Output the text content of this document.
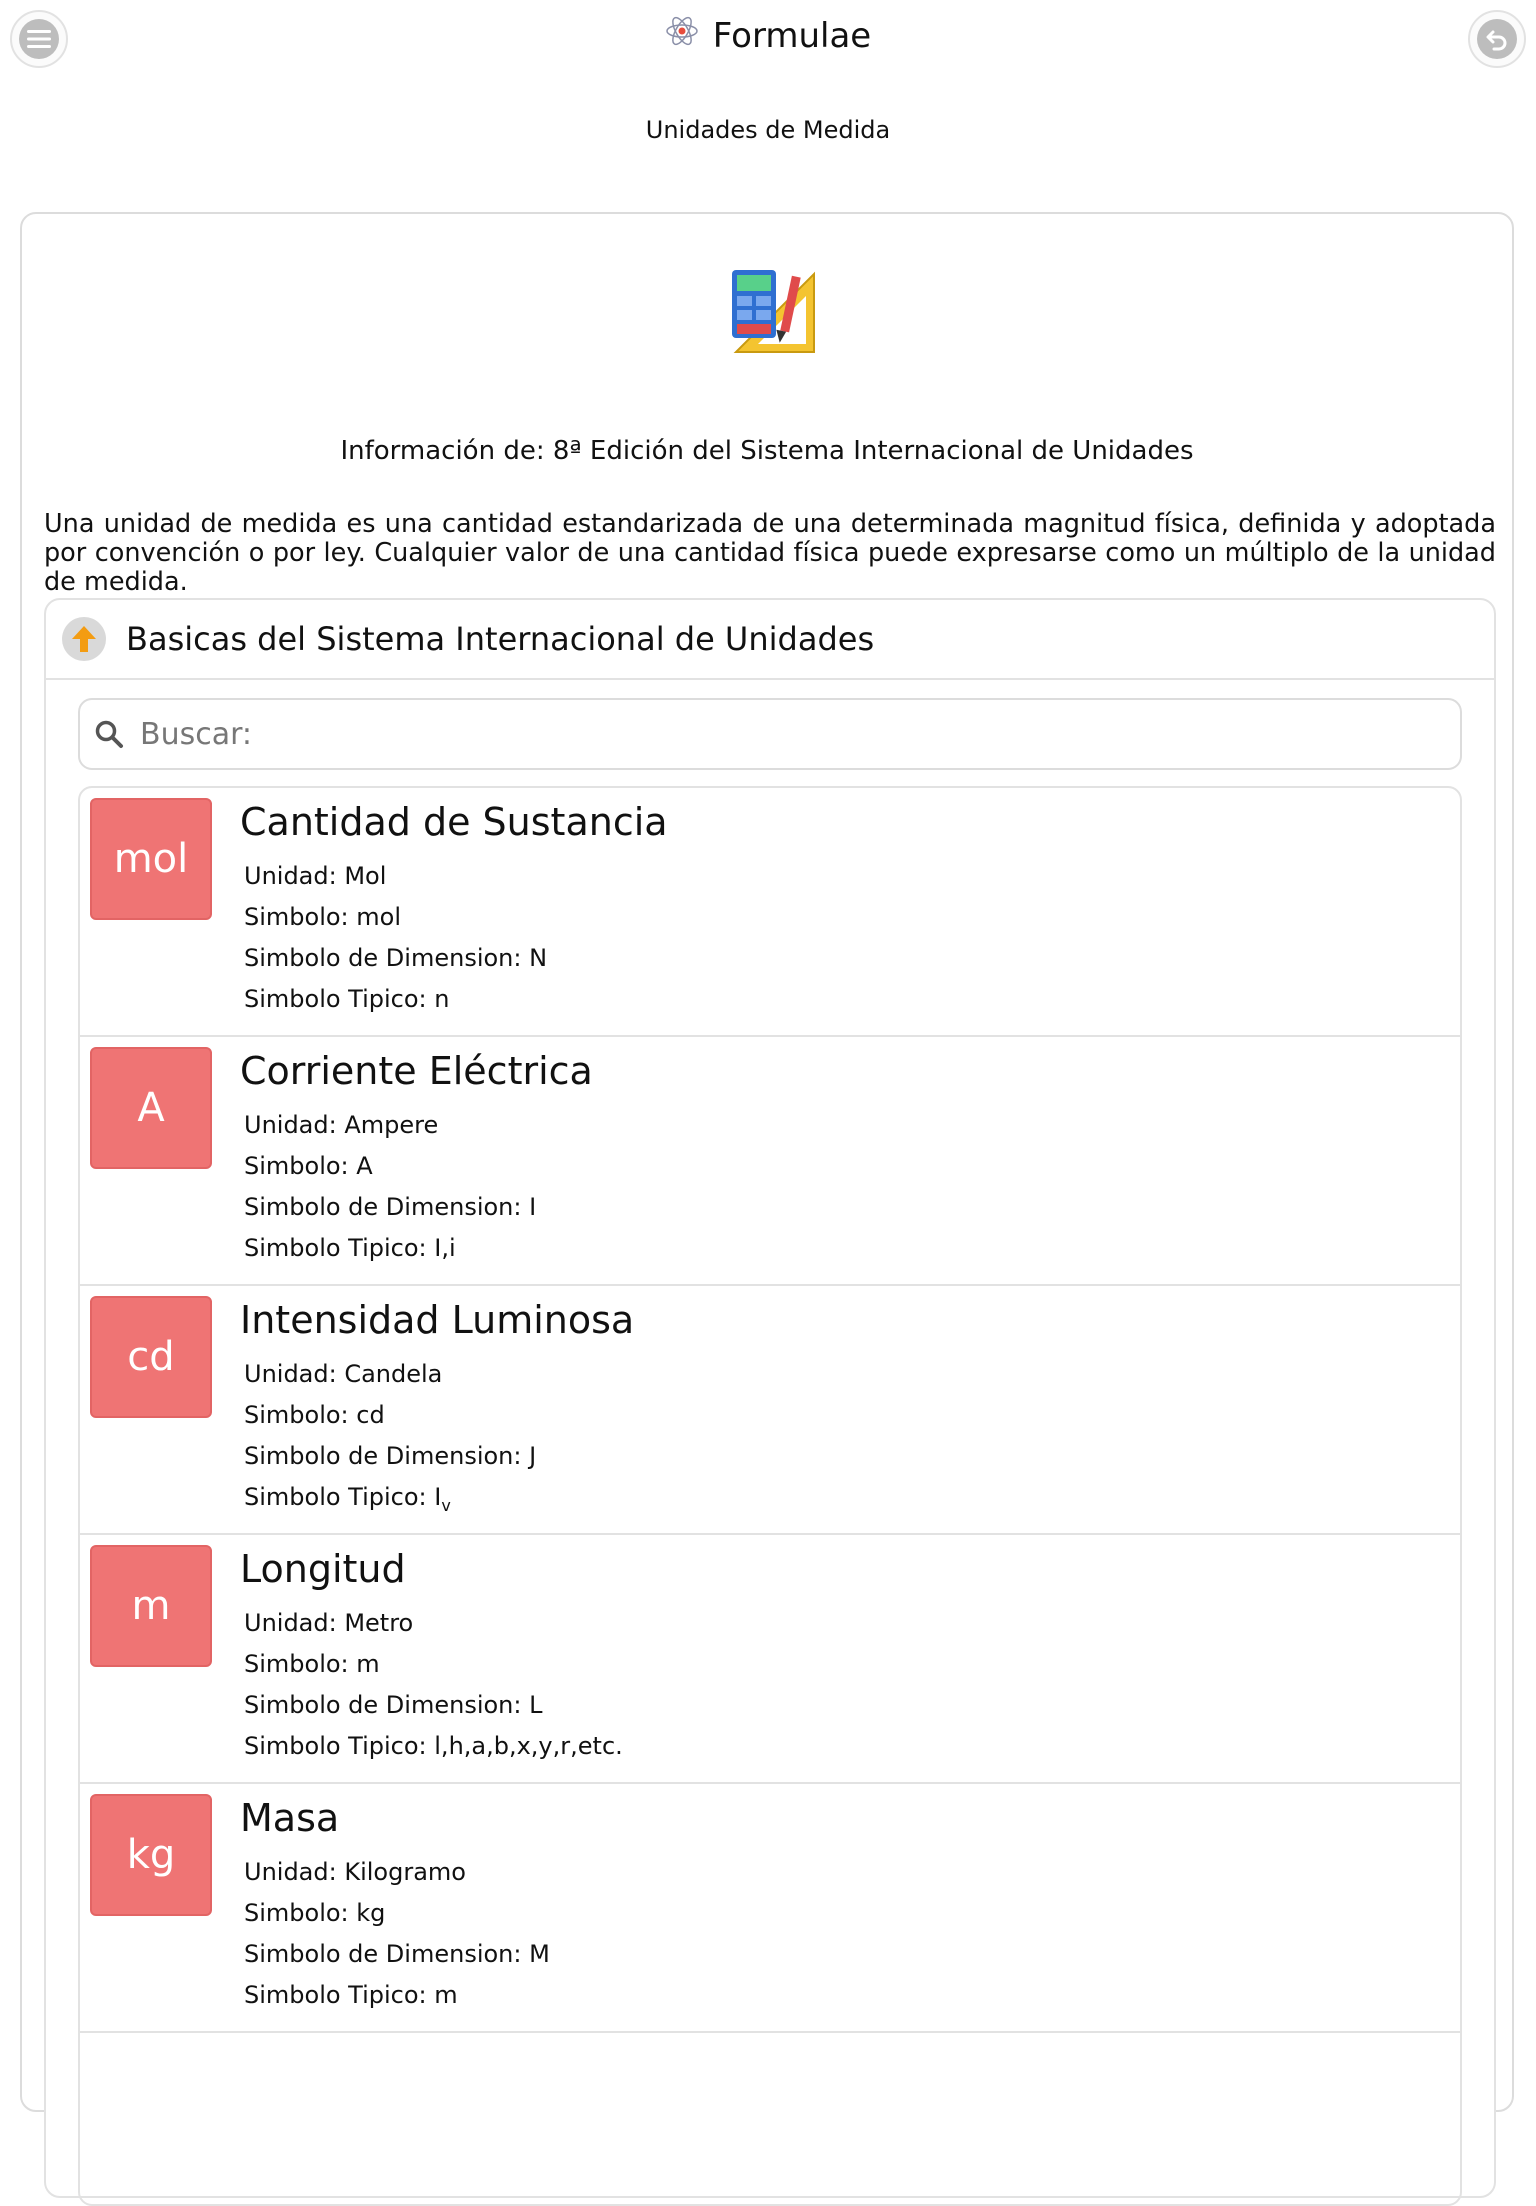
Formulae
Unidades de Medida
Información de: 8ª Edición del Sistema Internacional de Unidades
Una unidad de medida es una cantidad estandarizada de una determinada magnitud física, definida y adoptada por convención o por ley. Cualquier valor de una cantidad física puede expresarse como un múltiplo de la unidad de medida.
Basicas del Sistema Internacional de Unidades
Buscar:
mol
Cantidad de Sustancia
Unidad: Mol
Simbolo: mol
Simbolo de Dimension: N
Simbolo Tipico: n
A
Corriente Eléctrica
Unidad: Ampere
Simbolo: A
Simbolo de Dimension: I
Simbolo Tipico: I,i
cd
Intensidad Luminosa
Unidad: Candela
Simbolo: cd
Simbolo de Dimension: J
Simbolo Tipico: $I_v$
m
Longitud
Unidad: Metro
Simbolo: m
Simbolo de Dimension: L
Simbolo Tipico: l,h,a,b,x,y,r,etc.
kg
Masa
Unidad: Kilogramo
Simbolo: kg
Simbolo de Dimension: M
Simbolo Tipico: m
